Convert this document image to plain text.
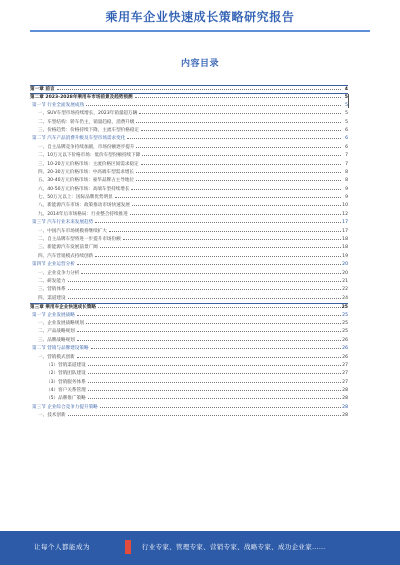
乘用车企业快速成长策略研究报告
内容目录
第一章 前言	4
第二章 2023-2028年乘用车市场前景及趋势预测	5
第一节 行业全面发展成熟	5
一、SUV车型市场持续增长，2023年销量超万辆	5
二、车型结构：轿车仍主，销量趋稳，消费升级	5
三、价格趋势：价格持续下降，主流车型价格稳定	6
第二节 汽车产品消费升级及车型市场需求变化	6
一、自主品牌竞争持续加剧，市场份额逐步提升	6
二、10万元以下价格市场：低价车型份额持续下降	7
三、10-20万元价格市场：主流价格区间需求稳定	7
四、20-30万元价格市场：中高端车型需求增长	8
五、30-40万元价格市场：豪华品牌占主导地位	8
六、40-50万元价格市场：高端车型持续增长	9
七、50万元以上：国际品牌优势明显	9
八、新能源汽车市场：政策推动市场快速发展	10
九、2014年后市场格局：行业整合持续推进	12
第三节 汽车行业未来发展趋势	17
一、中国汽车市场规模将继续扩大	17
二、自主品牌车型将进一步提升市场份额	18
三、新能源汽车发展前景广阔	18
四、汽车营销模式持续创新	19
第四节 企业运营分析	20
一、企业竞争力分析	20
二、研发能力	21
三、营销体系	22
四、渠道建设	24
第三章 乘用车企业快速成长策略	25
第一节 企业发展战略	25
一、企业发展战略规划	25
二、产品战略规划	25
三、品牌战略规划	26
第二节 营销与品牌建设策略	26
一、营销模式创新	26
（1）营销渠道建设	27
（2）营销团队建设	27
（3）营销服务体系	27
（4）客户关系管理	28
（5）品牌推广策略	28
第三节 企业综合竞争力提升策略	28
一、技术创新	28
让每个人都能成为	行业专家、管理专家、营销专家、战略专家、成功企业家……
